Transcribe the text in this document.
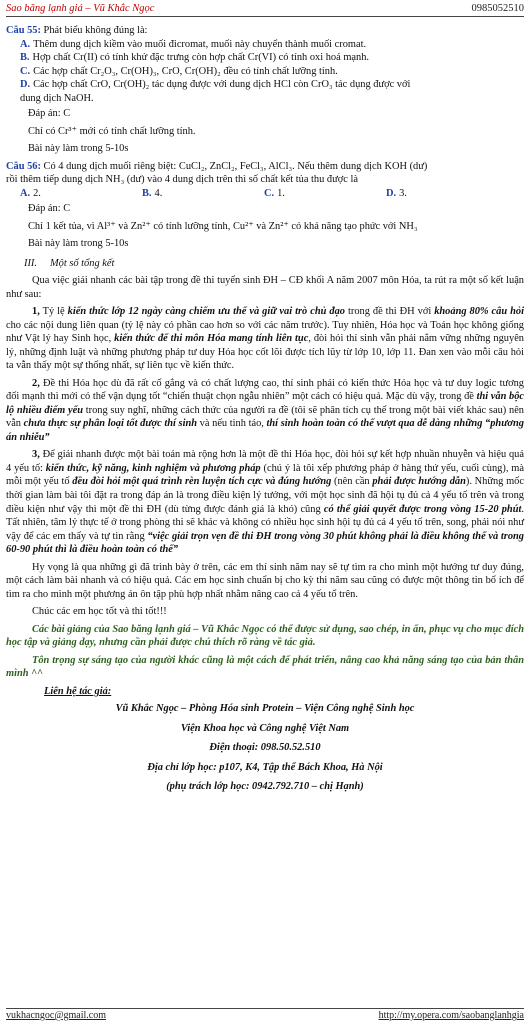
Sao băng lạnh giá – Vũ Khắc Ngọc	0985052510

Câu 55: Phát biểu không đúng là:

A. Thêm dung dịch kiềm vào muối đicromat, muối này chuyển thành muối cromat.

B. Hợp chất Cr(II) có tính khử đặc trưng còn hợp chất Cr(VI) có tính oxi hoá mạnh.

C. Các hợp chất Cr₂O₃, Cr(OH)₃, CrO, Cr(OH)₂ đều có tính chất lưỡng tính.

D. Các hợp chất CrO, Cr(OH)₂ tác dụng được với dung dịch HCl còn CrO₃ tác dụng được với

dung dịch NaOH.

Đáp án: C

Chỉ có Cr³⁺ mới có tính chất lưỡng tính.

Bài này làm trong 5-10s

Câu 56: Có 4 dung dịch muối riêng biệt: CuCl₂, ZnCl₂, FeCl₃, AlCl₃. Nếu thêm dung dịch KOH (dư)

rồi thêm tiếp dung dịch NH₃ (dư) vào 4 dung dịch trên thì số chất kết tủa thu được là

A. 2.	B. 4.	C. 1.	D. 3.

Đáp án: C

Chỉ 1 kết tủa, vì Al³⁺ và Zn²⁺ có tính lưỡng tính, Cu²⁺ và Zn²⁺ có khả năng tạo phức với NH₃

Bài này làm trong 5-10s

III. Một số tổng kết

Qua việc giải nhanh các bài tập trong đề thi tuyển sinh ĐH – CĐ khối A năm 2007 môn Hóa, ta rút ra một số kết luận như sau:

1, Tỷ lệ kiến thức lớp 12 ngày càng chiếm ưu thế và giữ vai trò chủ đạo trong đề thi ĐH với khoảng 80% câu hỏi cho các nội dung liên quan (tỷ lệ này có phần cao hơn so với các năm trước). Tuy nhiên, Hóa học và Toán học không giống như Vật lý hay Sinh học, kiến thức để thi môn Hóa mang tính liên tục, đòi hỏi thí sinh vẫn phải nắm vững những nguyên lý, những định luật và những phương pháp tư duy Hóa học cốt lõi được tích lũy từ lớp 10, lớp 11. Đan xen vào mỗi câu hỏi ta vẫn thấy một sự thống nhất, sự liên tục về kiến thức.

2, Đề thi Hóa học dù đã rất cố gắng và có chất lượng cao, thí sinh phải có kiến thức Hóa học và tư duy logic tương đối mạnh thì mới có thể vận dụng tốt “chiến thuật chọn ngẫu nhiên” một cách có hiệu quả. Mặc dù vậy, trong đề thi vẫn bộc lộ nhiều điểm yếu trong suy nghĩ, những cách thức của người ra đề (tôi sẽ phân tích cụ thể trong một bài viết khác sau) nên vẫn chưa thực sự phân loại tốt được thí sinh và nếu tinh táo, thí sinh hoàn toàn có thể vượt qua dễ dàng những “phương án nhiễu”

3, Để giải nhanh được một bài toán mà rộng hơn là một đề thi Hóa học, đòi hỏi sự kết hợp nhuần nhuyễn và hiệu quả 4 yếu tố: kiến thức, kỹ năng, kinh nghiệm và phương pháp (chú ý là tôi xếp phương pháp ở hàng thứ yếu, cuối cùng), mà mỗi một yếu tố đều đòi hỏi một quá trình rèn luyện tích cực và đúng hướng (nên cần phải được hướng dẫn). Những mốc thời gian làm bài tôi đặt ra trong đáp án là trong điều kiện lý tưởng, với một học sinh đã hội tụ đủ cả 4 yếu tố trên và trong điều kiện như vậy thì một đề thi ĐH (dù từng được đánh giá là khó) cũng có thể giải quyết được trong vòng 15-20 phút. Tất nhiên, tâm lý thực tế ở trong phòng thi sẽ khác và không có nhiều học sinh hội tụ đủ cả 4 yếu tố trên, song, phải nói như vậy để các em thấy và tự tin rằng “việc giải trọn vẹn đề thi ĐH trong vòng 30 phút không phải là điều không thể và trong 60-90 phút thì là điều hoàn toàn có thể”

Hy vọng là qua những gì đã trình bày ở trên, các em thí sinh năm nay sẽ tự tìm ra cho mình một hướng tư duy đúng, một cách làm bài nhanh và có hiệu quả. Các em học sinh chuẩn bị cho kỳ thi năm sau cũng có được một thông tin bổ ích để tìm ra cho mình một phương án ôn tập phù hợp nhất nhằm nâng cao cả 4 yếu tố trên.

Chúc các em học tốt và thi tốt!!!

Các bài giảng của Sao băng lạnh giá – Vũ Khắc Ngọc có thể được sử dụng, sao chép, in ấn, phục vụ cho mục đích học tập và giảng dạy, nhưng cần phải được chú thích rõ ràng về tác giả.

Tôn trọng sự sáng tạo của người khác cũng là một cách để phát triển, nâng cao khả năng sáng tạo của bản thân mình ^^

Liên hệ tác giả:

Vũ Khắc Ngọc – Phòng Hóa sinh Protein – Viện Công nghệ Sinh học

Viện Khoa học và Công nghệ Việt Nam

Điện thoại: 098.50.52.510

Địa chỉ lớp học: p107, K4, Tập thể Bách Khoa, Hà Nội

(phụ trách lớp học: 0942.792.710 – chị Hạnh)

vukhacngoc@gmail.com	http://my.opera.com/saobanglanhgia
